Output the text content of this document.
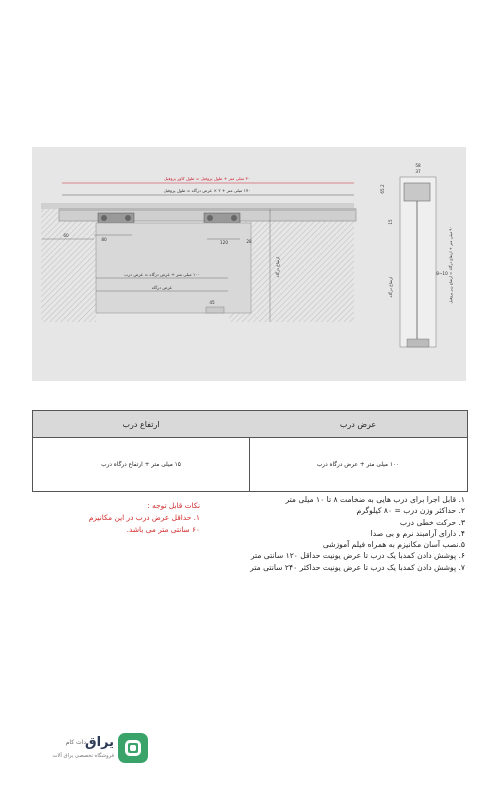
۳۰ میلی متر + طول پروفیل = طول کاور پروفیل
۱۷۰ میلی متر + ۲ × عرض درگاه = طول پروفیل
60
80
120	28
۱۰۰ میلی متر + عرض درگاه = عرض درب
عرض درگاه
45
ارتفاع درگاه
37
58
65.2
8~10 ۹۰ میلی متر + ارتفاع درگاه = ارتفاع زیر پروفیل
15
ارتفاع درگاه
ارتفاع درب	عرض درب
۱۵ میلی متر + ارتفاع درگاه درب	۱۰۰ میلی متر + عرض درگاه درب
نکات قابل توجه :
۱. حداقل عرض درب در این مکانیزم
۶۰ سانتی متر می باشد.
۱. قابل اجرا برای درب هایی به ضخامت ۸ تا ۱۰ میلی متر
۲. حداکثر وزن درب = ۸۰ کیلوگرم
۳. حرکت خطی درب
۴. دارای آرامبند نرم و بی صدا
۵.نصب آسان مکانیزم به همراه فیلم آموزشی
۶. پوشش دادن کمدبا یک درب تا عرض یونیت حداقل ۱۲۰ سانتی متر
۷. پوشش دادن کمدبا یک درب تا عرض یونیت حداکثر ۲۴۰ سانتی متر
یراق
دات کام
فروشگاه تخصصی یراق آلات
